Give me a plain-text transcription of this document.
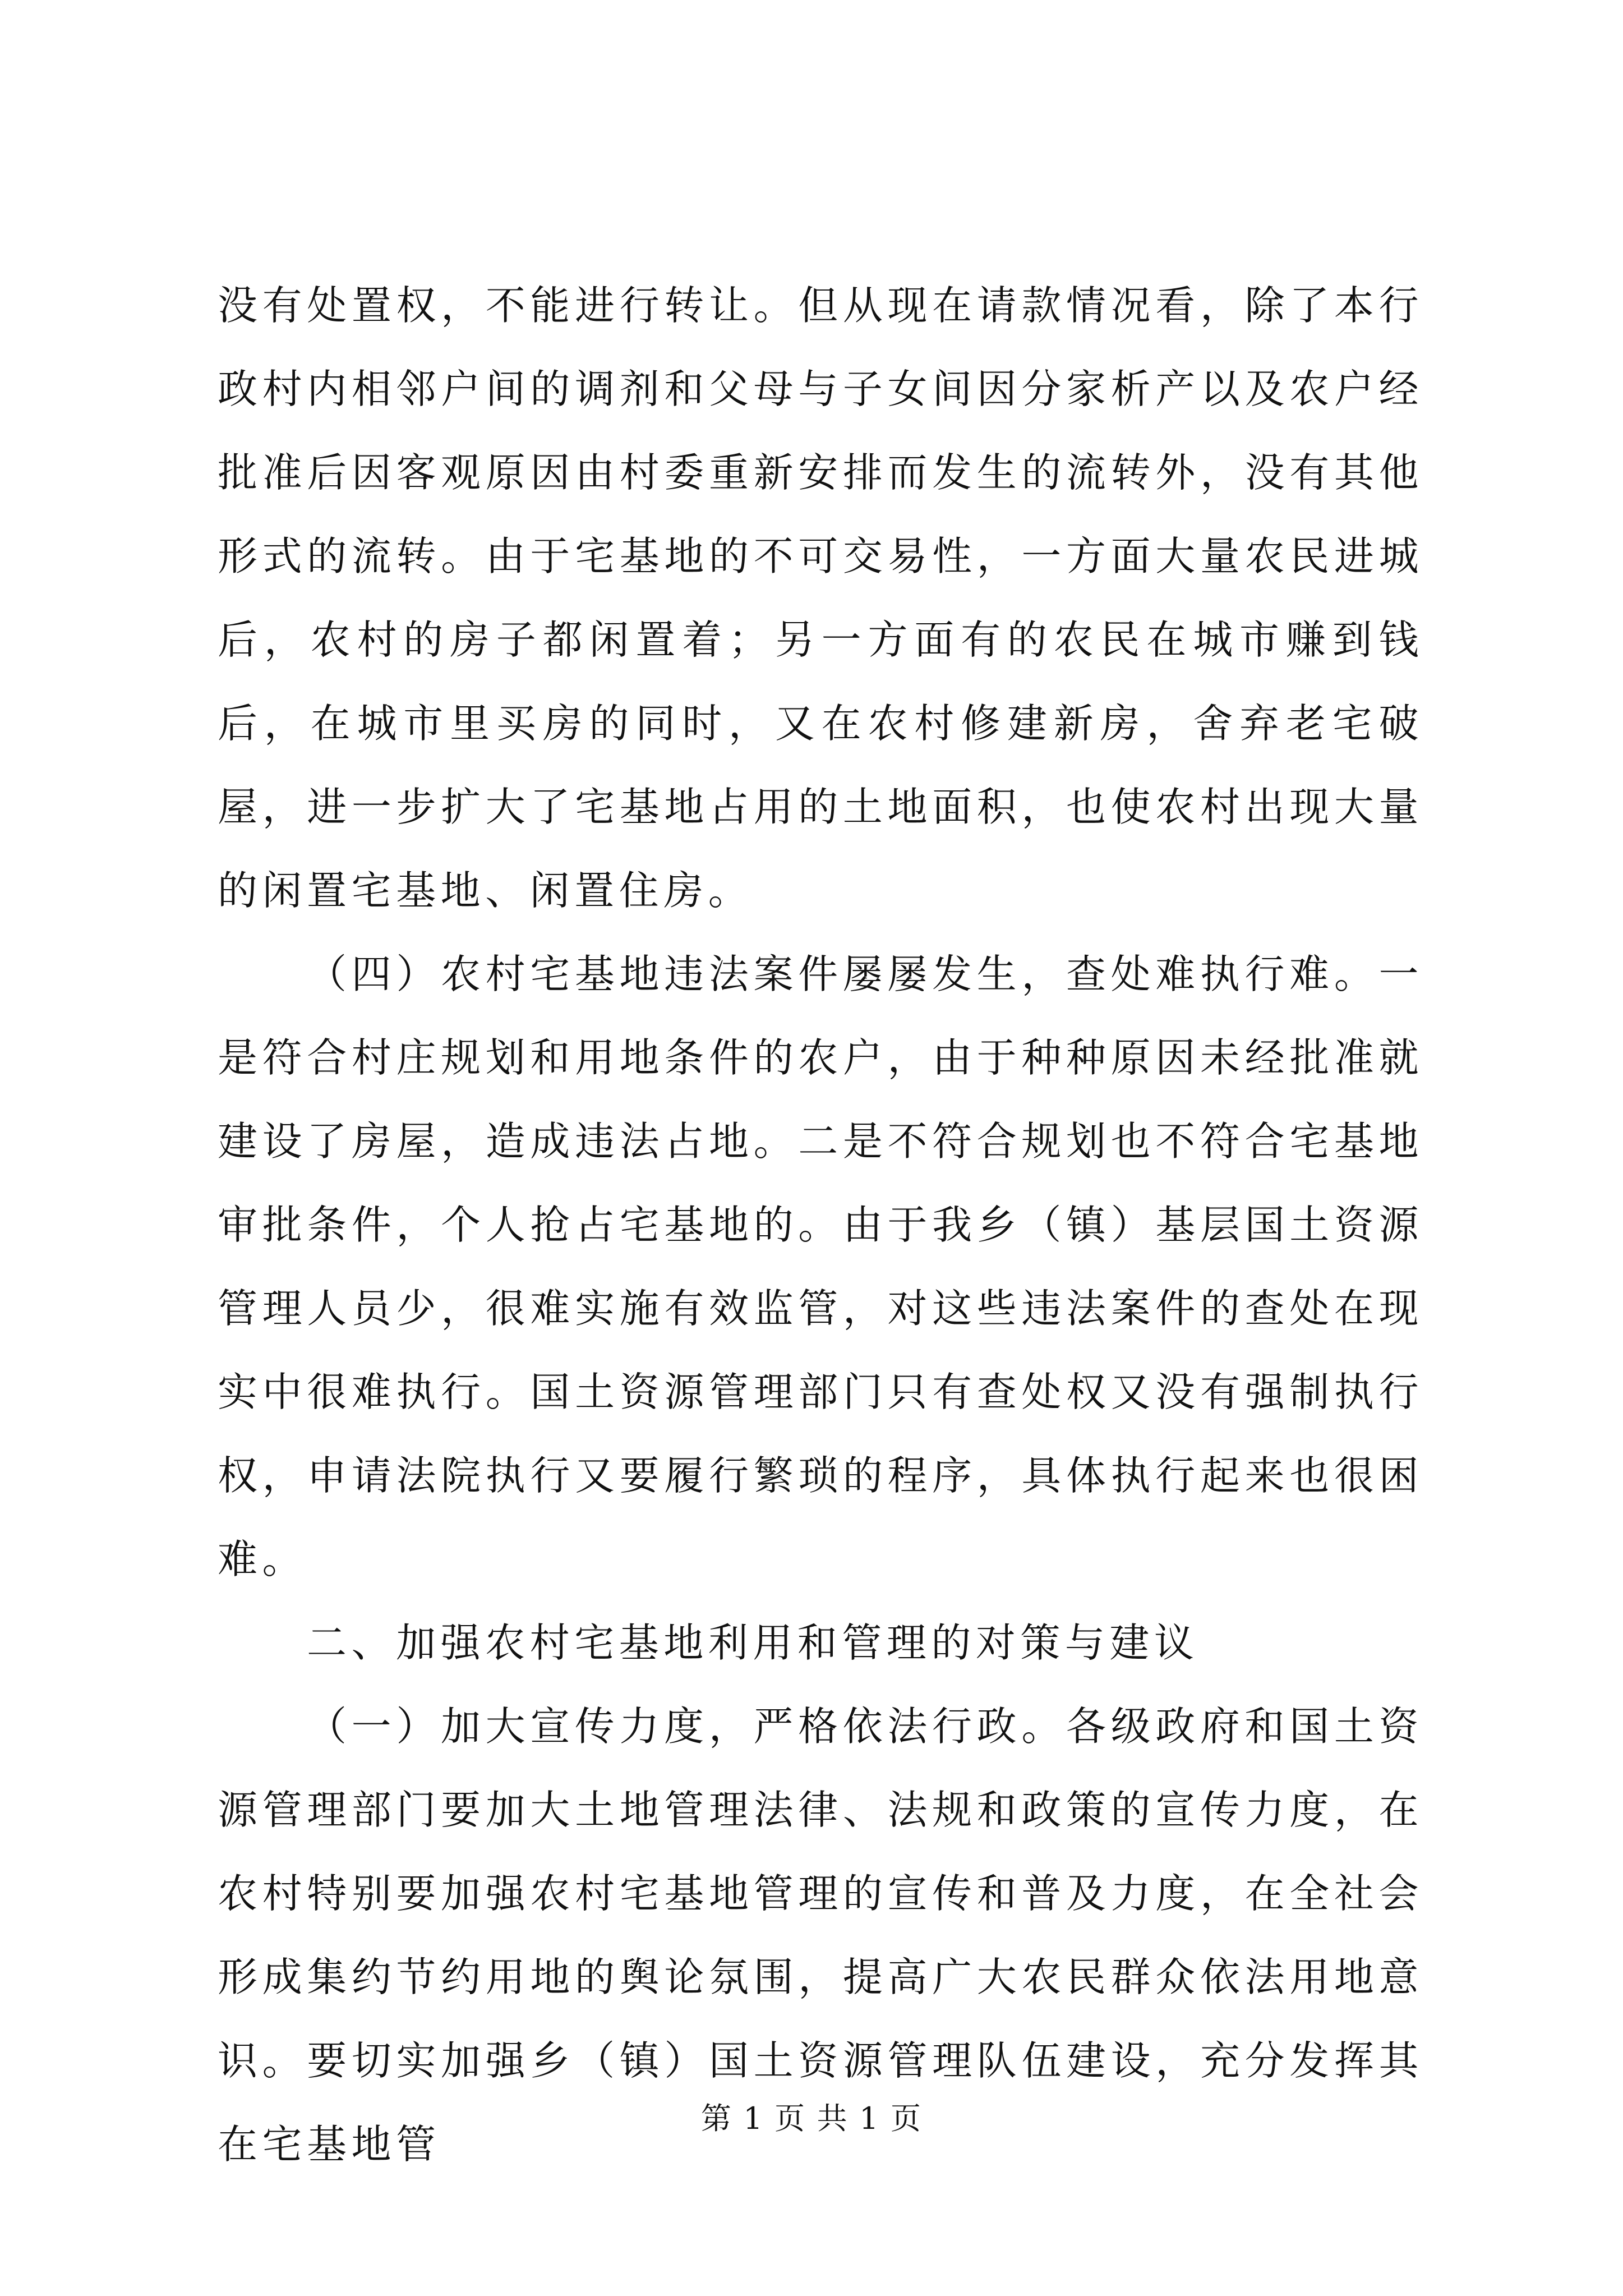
没有处置权，不能进行转让。但从现在请款情况看，除了本行政村内相邻户间的调剂和父母与子女间因分家析产以及农户经批准后因客观原因由村委重新安排而发生的流转外，没有其他形式的流转。由于宅基地的不可交易性，一方面大量农民进城后，农村的房子都闲置着；另一方面有的农民在城市赚到钱后，在城市里买房的同时，又在农村修建新房，舍弃老宅破屋，进一步扩大了宅基地占用的土地面积，也使农村出现大量的闲置宅基地、闲置住房。

（四）农村宅基地违法案件屡屡发生，查处难执行难。一是符合村庄规划和用地条件的农户，由于种种原因未经批准就建设了房屋，造成违法占地。二是不符合规划也不符合宅基地审批条件，个人抢占宅基地的。由于我乡（镇）基层国土资源管理人员少，很难实施有效监管，对这些违法案件的查处在现实中很难执行。国土资源管理部门只有查处权又没有强制执行权，申请法院执行又要履行繁琐的程序，具体执行起来也很困难。

二、加强农村宅基地利用和管理的对策与建议

（一）加大宣传力度，严格依法行政。各级政府和国土资源管理部门要加大土地管理法律、法规和政策的宣传力度，在农村特别要加强农村宅基地管理的宣传和普及力度，在全社会形成集约节约用地的舆论氛围，提高广大农民群众依法用地意识。要切实加强乡（镇）国土资源管理队伍建设，充分发挥其在宅基地管

第 1 页 共 1 页
